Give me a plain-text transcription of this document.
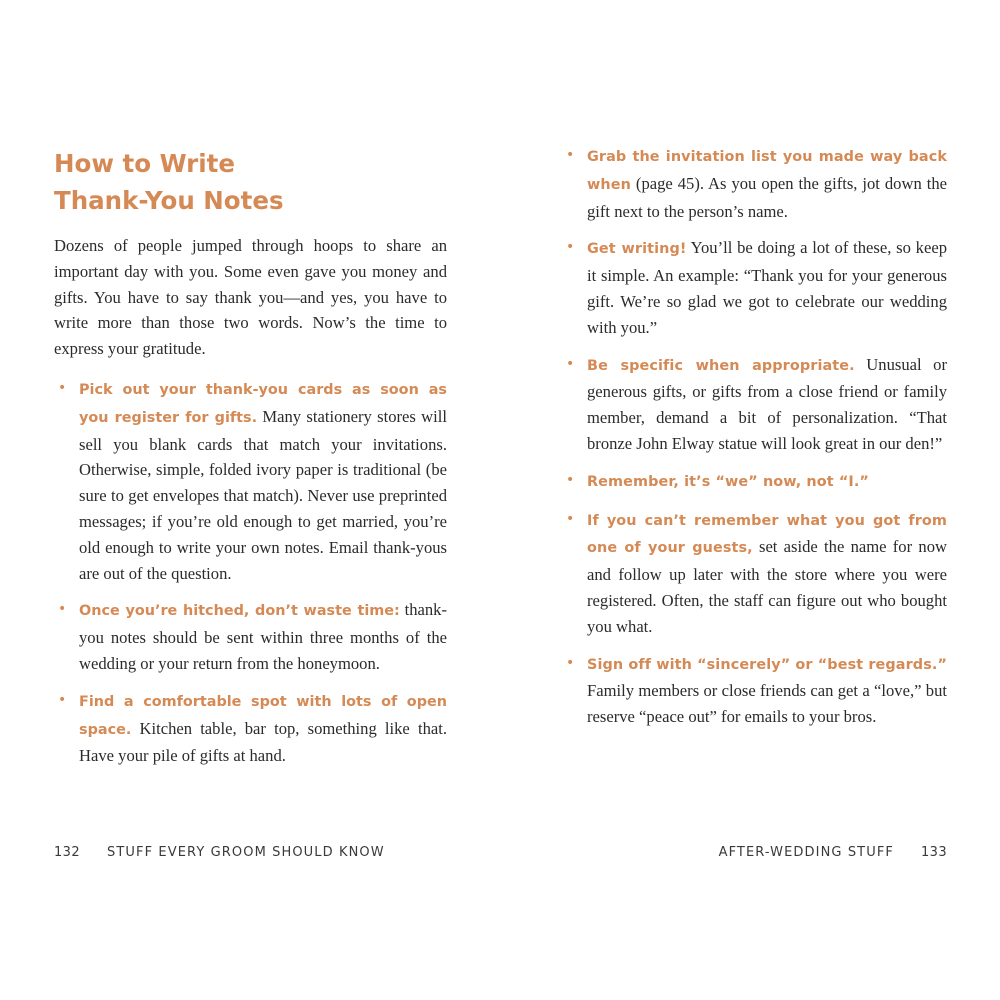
How to Write
Thank-You Notes

Dozens of people jumped through hoops to share an important day with you. Some even gave you money and gifts. You have to say thank you—and yes, you have to write more than those two words. Now’s the time to express your gratitude.

• Pick out your thank-you cards as soon as you register for gifts. Many stationery stores will sell you blank cards that match your invitations. Otherwise, simple, folded ivory paper is traditional (be sure to get envelopes that match). Never use preprinted messages; if you’re old enough to get married, you’re old enough to write your own notes. Email thank-yous are out of the question.
• Once you’re hitched, don’t waste time: thank-you notes should be sent within three months of the wedding or your return from the honeymoon.
• Find a comfortable spot with lots of open space. Kitchen table, bar top, something like that. Have your pile of gifts at hand.
• Grab the invitation list you made way back when (page 45). As you open the gifts, jot down the gift next to the person’s name.
• Get writing! You’ll be doing a lot of these, so keep it simple. An example: “Thank you for your generous gift. We’re so glad we got to celebrate our wedding with you.”
• Be specific when appropriate. Unusual or generous gifts, or gifts from a close friend or family member, demand a bit of personalization. “That bronze John Elway statue will look great in our den!”
• Remember, it’s “we” now, not “I.”
• If you can’t remember what you got from one of your guests, set aside the name for now and follow up later with the store where you were registered. Often, the staff can figure out who bought you what.
• Sign off with “sincerely” or “best regards.” Family members or close friends can get a “love,” but reserve “peace out” for emails to your bros.
132 STUFF EVERY GROOM SHOULD KNOW	AFTER-WEDDING STUFF 133
